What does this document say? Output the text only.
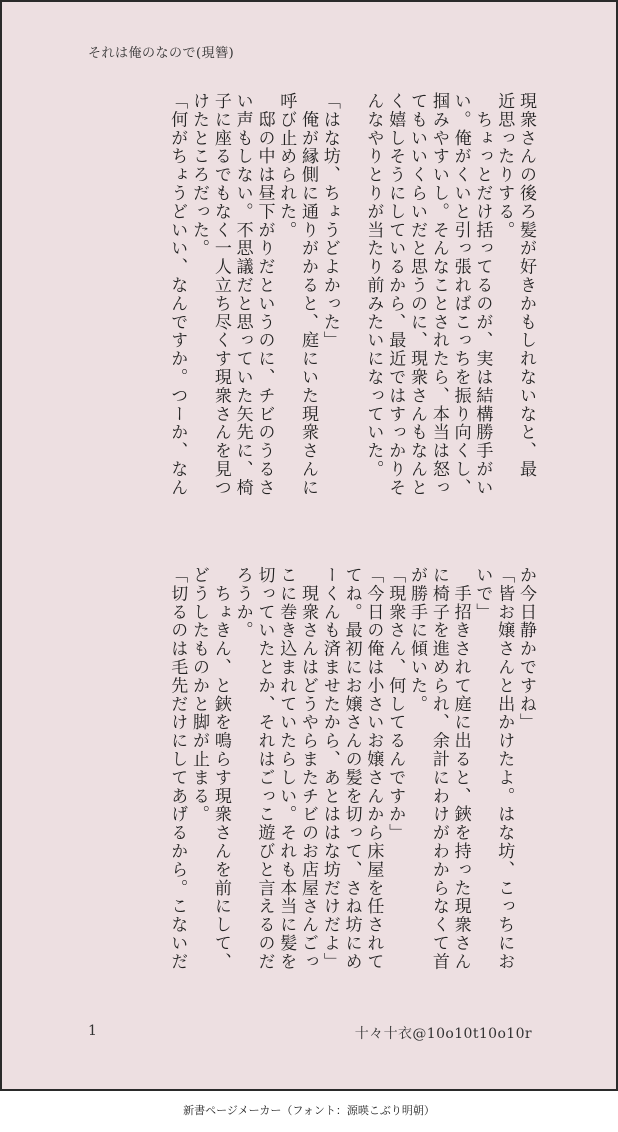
それは俺のなので(現簪)
現衆さんの後ろ髪が好きかもしれないなと、最
近思ったりする。
　ちょっとだけ括ってるのが、実は結構勝手がい
い。俺がくいと引っ張ればこっちを振り向くし、
掴みやすいし。そんなことされたら、本当は怒っ
てもいいくらいだと思うのに、現衆さんもなんと
く嬉しそうにしているから、最近ではすっかりそ
んなやりとりが当たり前みたいになっていた。

「はな坊、ちょうどよかった」
　俺が縁側に通りがかると、庭にいた現衆さんに
呼び止められた。
　邸の中は昼下がりだというのに、チビのうるさ
い声もしない。不思議だと思っていた矢先に、椅
子に座るでもなく一人立ち尽くす現衆さんを見つ
けたところだった。
「何がちょうどいい、なんですか。つーか、なん
か今日静かですね」
「皆お嬢さんと出かけたよ。はな坊、こっちにお
いで」
　手招きされて庭に出ると、鋏を持った現衆さん
に椅子を進められ、余計にわけがわからなくて首
が勝手に傾いた。
「現衆さん、何してるんですか」
「今日の俺は小さいお嬢さんから床屋を任されて
てね。最初にお嬢さんの髪を切って、さね坊にめ
ーくんも済ませたから、あとははな坊だけだよ」
　現衆さんはどうやらまたチビのお店屋さんごっ
こに巻き込まれていたらしい。それも本当に髪を
切っていたとか、それはごっこ遊びと言えるのだ
ろうか。
　ちょきん、と鋏を鳴らす現衆さんを前にして、
どうしたものかと脚が止まる。
「切るのは毛先だけにしてあげるから。こないだ
1	十々十衣@10o10t10o10r
新書ページメーカー（フォント：源暎こぶり明朝）
